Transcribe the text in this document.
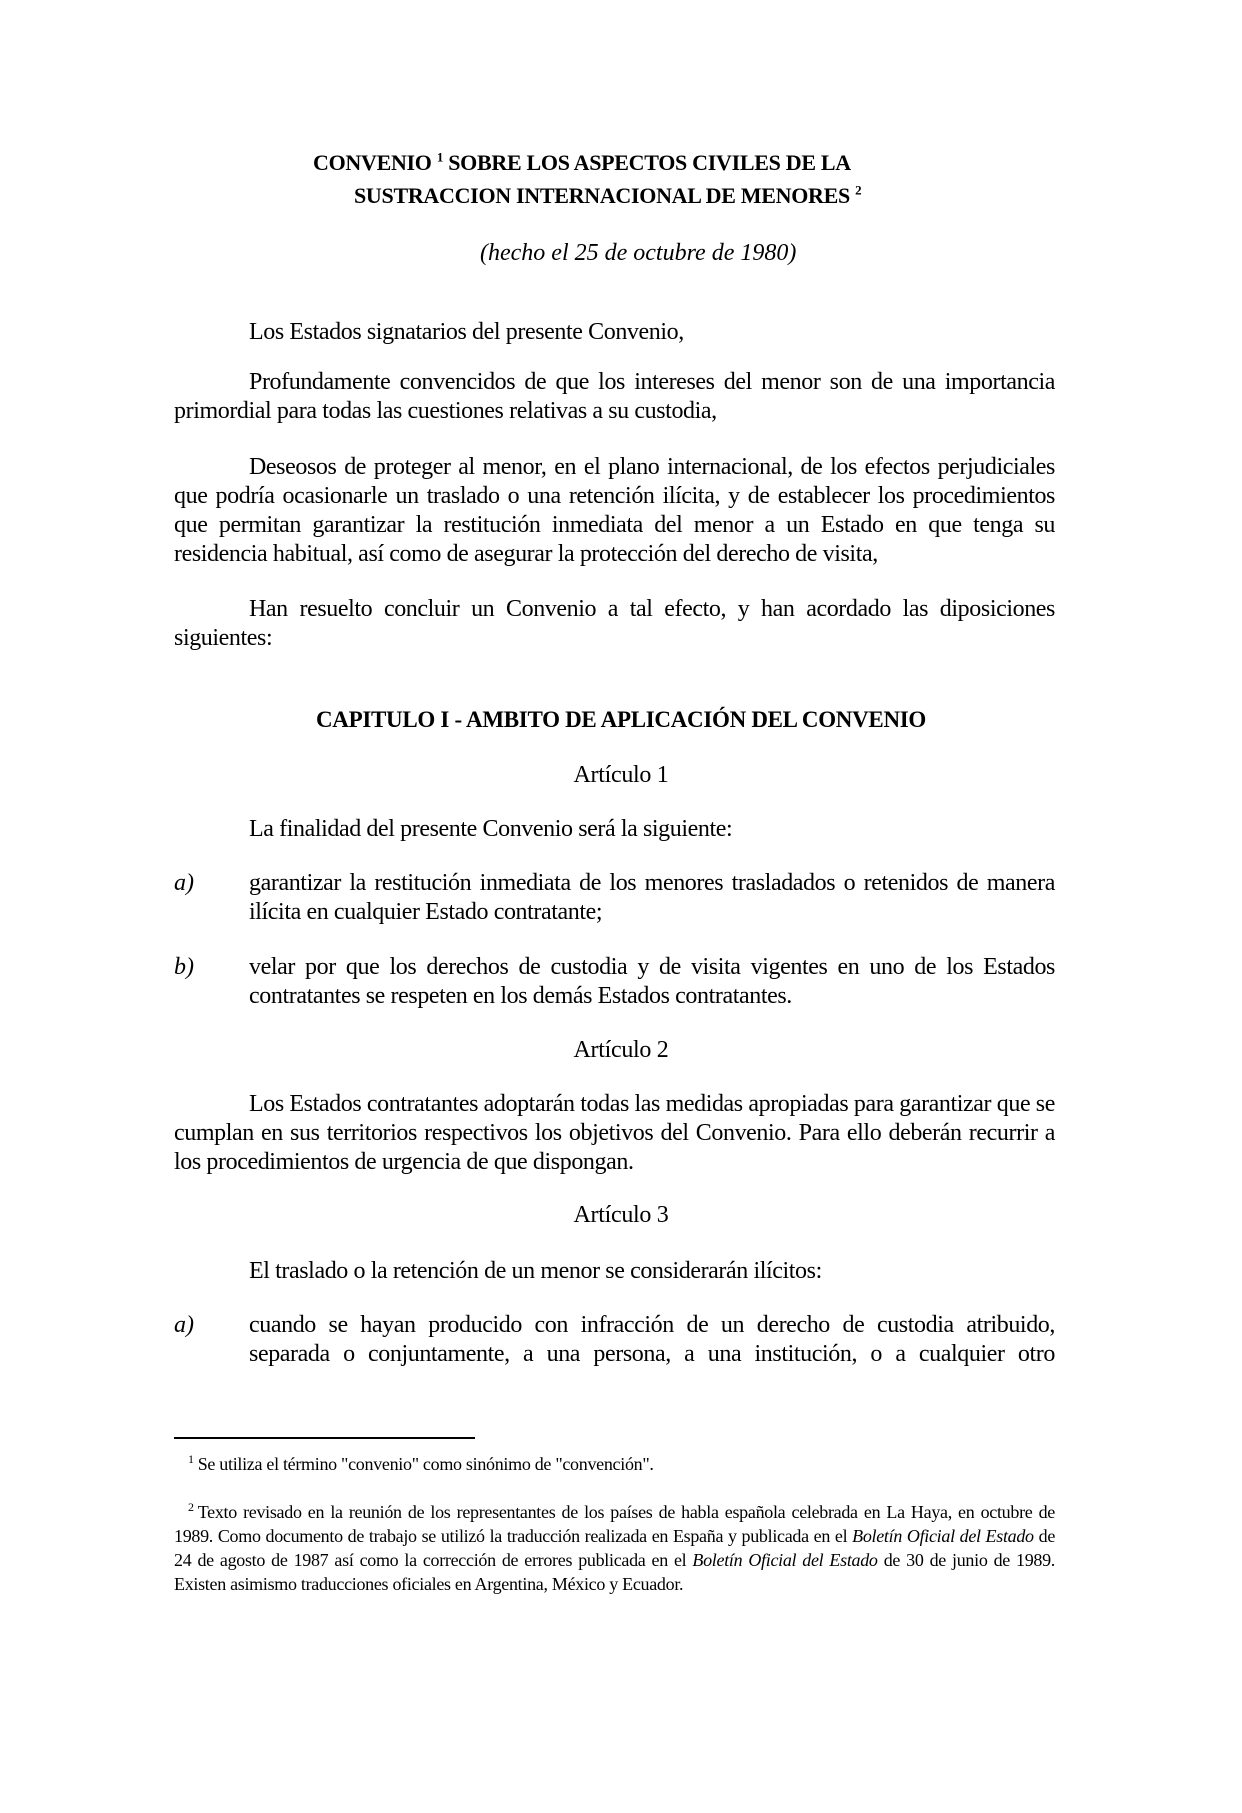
CONVENIO $^1$ SOBRE LOS ASPECTOS CIVILES DE LA
SUSTRACCION INTERNACIONAL DE MENORES $^2$
(hecho el 25 de octubre de 1980)

Los Estados signatarios del presente Convenio,

Profundamente convencidos de que los intereses del menor son de una importancia primordial para todas las cuestiones relativas a su custodia,

Deseosos de proteger al menor, en el plano internacional, de los efectos perjudiciales que podría ocasionarle un traslado o una retención ilícita, y de establecer los procedimientos que permitan garantizar la restitución inmediata del menor a un Estado en que tenga su residencia habitual, así como de asegurar la protección del derecho de visita,

Han resuelto concluir un Convenio a tal efecto, y han acordado las diposiciones siguientes:

CAPITULO I - AMBITO DE APLICACIÓN DEL CONVENIO
Artículo 1

La finalidad del presente Convenio será la siguiente:

a) garantizar la restitución inmediata de los menores trasladados o retenidos de manera ilícita en cualquier Estado contratante;
b) velar por que los derechos de custodia y de visita vigentes en uno de los Estados contratantes se respeten en los demás Estados contratantes.
Artículo 2

Los Estados contratantes adoptarán todas las medidas apropiadas para garantizar que se cumplan en sus territorios respectivos los objetivos del Convenio. Para ello deberán recurrir a los procedimientos de urgencia de que dispongan.

Artículo 3

El traslado o la retención de un menor se considerarán ilícitos:

a) cuando se hayan producido con infracción de un derecho de custodia atribuido, separada o conjuntamente, a una persona, a una institución, o a cualquier otro
$^1$ Se utiliza el término "convenio" como sinónimo de "convención".
$^2$ Texto revisado en la reunión de los representantes de los países de habla española celebrada en La Haya, en octubre de 1989. Como documento de trabajo se utilizó la traducción realizada en España y publicada en el Boletín Oficial del Estado de 24 de agosto de 1987 así como la corrección de errores publicada en el Boletín Oficial del Estado de 30 de junio de 1989. Existen asimismo traducciones oficiales en Argentina, México y Ecuador.
